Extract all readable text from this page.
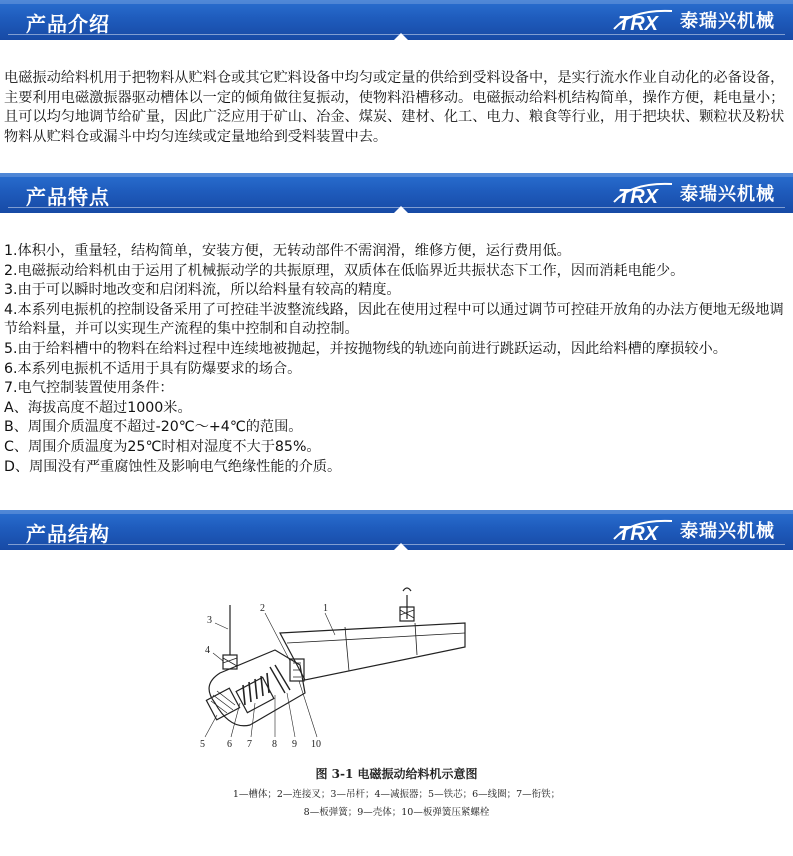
产品介绍	TRX 泰瑞兴机械
电磁振动给料机用于把物料从贮料仓或其它贮料设备中均匀或定量的供给到受料设备中，是实行流水作业自动化的必备设备，主要利用电磁激振器驱动槽体以一定的倾角做往复振动，使物料沿槽移动。电磁振动给料机结构简单，操作方便，耗电量小；且可以均匀地调节给矿量，因此广泛应用于矿山、冶金、煤炭、建材、化工、电力、粮食等行业，用于把块状、颗粒状及粉状物料从贮料仓或漏斗中均匀连续或定量地给到受料装置中去。
产品特点	TRX 泰瑞兴机械
1.体积小，重量轻，结构简单，安装方便，无转动部件不需润滑，维修方便，运行费用低。
2.电磁振动给料机由于运用了机械振动学的共振原理，双质体在低临界近共振状态下工作，因而消耗电能少。
3.由于可以瞬时地改变和启闭料流，所以给料量有较高的精度。
4.本系列电振机的控制设备采用了可控硅半波整流线路，因此在使用过程中可以通过调节可控硅开放角的办法方便地无级地调节给料量，并可以实现生产流程的集中控制和自动控制。
5.由于给料槽中的物料在给料过程中连续地被抛起，并按抛物线的轨迹向前进行跳跃运动，因此给料槽的摩损较小。
6.本系列电振机不适用于具有防爆要求的场合。
7.电气控制装置使用条件：
A、海拔高度不超过1000米。
B、周围介质温度不超过-20℃～+4℃的范围。
C、周围介质温度为25℃时相对湿度不大于85%。
D、周围没有严重腐蚀性及影响电气绝缘性能的介质。
产品结构	TRX 泰瑞兴机械
1
2
3
4
5 6 7 8 9 10
图 3-1 电磁振动给料机示意图
1—槽体；2—连接叉；3—吊杆；4—减振器；5—铁芯；6—线圈；7—衔铁；
8—板弹簧；9—壳体；10—板弹簧压紧螺栓
